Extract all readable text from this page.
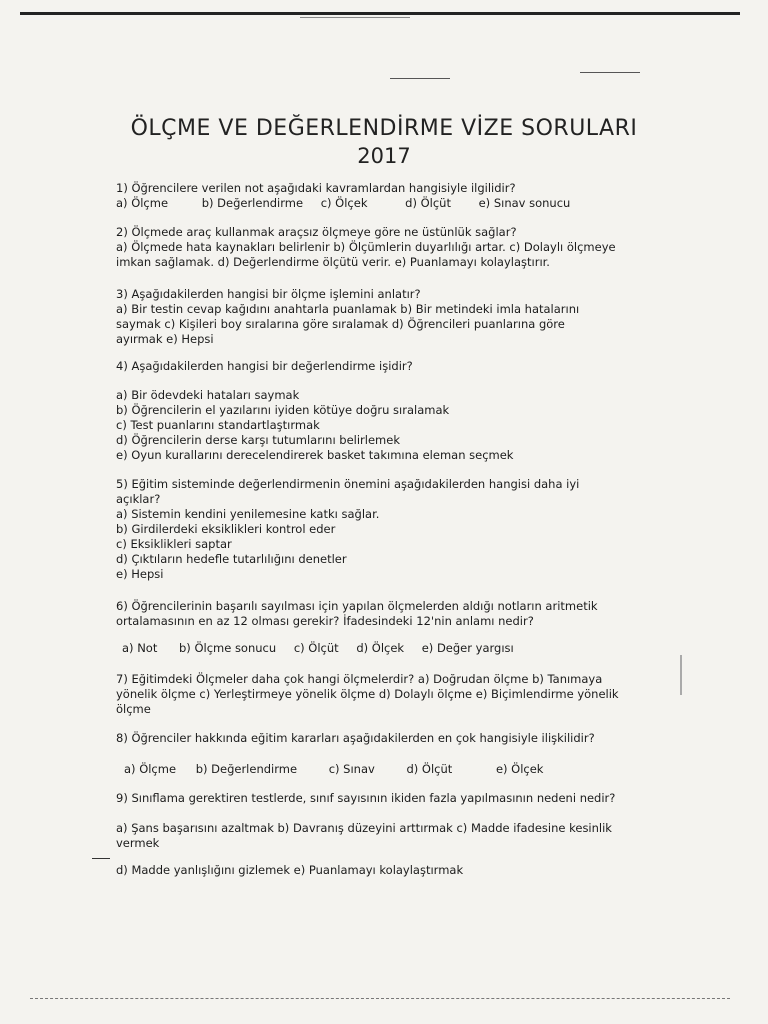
ÖLÇME VE DEĞERLENDİRME VİZE SORULARI
2017
1) Öğrencilere verilen not aşağıdaki kavramlardan hangisiyle ilgilidir?
a) Ölçme	b) Değerlendirme c) Ölçek	d) Ölçüt e) Sınav sonucu
2) Ölçmede araç kullanmak araçsız ölçmeye göre ne üstünlük sağlar?
a) Ölçmede hata kaynakları belirlenir b) Ölçümlerin duyarlılığı artar. c) Dolaylı ölçmeye
imkan sağlamak. d) Değerlendirme ölçütü verir. e) Puanlamayı kolaylaştırır.
3) Aşağıdakilerden hangisi bir ölçme işlemini anlatır?
a) Bir testin cevap kağıdını anahtarla puanlamak b) Bir metindeki imla hatalarını
saymak c) Kişileri boy sıralarına göre sıralamak d) Öğrencileri puanlarına göre
ayırmak e) Hepsi
4) Aşağıdakilerden hangisi bir değerlendirme işidir?
a) Bir ödevdeki hataları saymak
b) Öğrencilerin el yazılarını iyiden kötüye doğru sıralamak
c) Test puanlarını standartlaştırmak
d) Öğrencilerin derse karşı tutumlarını belirlemek
e) Oyun kurallarını derecelendirerek basket takımına eleman seçmek
5) Eğitim sisteminde değerlendirmenin önemini aşağıdakilerden hangisi daha iyi
açıklar?
a) Sistemin kendini yenilemesine katkı sağlar.
b) Girdilerdeki eksiklikleri kontrol eder
c) Eksiklikleri saptar
d) Çıktıların hedefle tutarlılığını denetler
e) Hepsi
6) Öğrencilerinin başarılı sayılması için yapılan ölçmelerden aldığı notların aritmetik
ortalamasının en az 12 olması gerekir? İfadesindeki 12'nin anlamı nedir?
a) Not b) Ölçme sonucu c) Ölçüt d) Ölçek e) Değer yargısı
7) Eğitimdeki Ölçmeler daha çok hangi ölçmelerdir? a) Doğrudan ölçme b) Tanımaya
yönelik ölçme c) Yerleştirmeye yönelik ölçme d) Dolaylı ölçme e) Biçimlendirme yönelik
ölçme
8) Öğrenciler hakkında eğitim kararları aşağıdakilerden en çok hangisiyle ilişkilidir?
a) Ölçme b) Değerlendirme	c) Sınav	d) Ölçüt	e) Ölçek
9) Sınıflama gerektiren testlerde, sınıf sayısının ikiden fazla yapılmasının nedeni nedir?
a) Şans başarısını azaltmak b) Davranış düzeyini arttırmak c) Madde ifadesine kesinlik
vermek
d) Madde yanlışlığını gizlemek e) Puanlamayı kolaylaştırmak
